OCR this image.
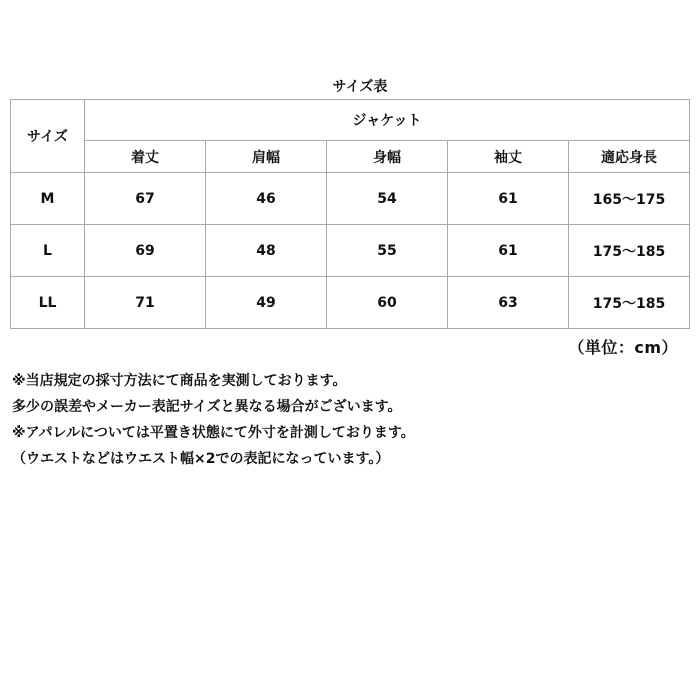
サイズ表
サイズ	ジャケット				
	着丈	肩幅	身幅	袖丈	適応身長
M	67	46	54	61	165～175
L	69	48	55	61	175～185
LL	71	49	60	63	175～185
（単位：cm）
※当店規定の採寸方法にて商品を実測しております。
多少の誤差やメーカー表記サイズと異なる場合がございます。
※アパレルについては平置き状態にて外寸を計測しております。
（ウエストなどはウエスト幅×2での表記になっています。）
